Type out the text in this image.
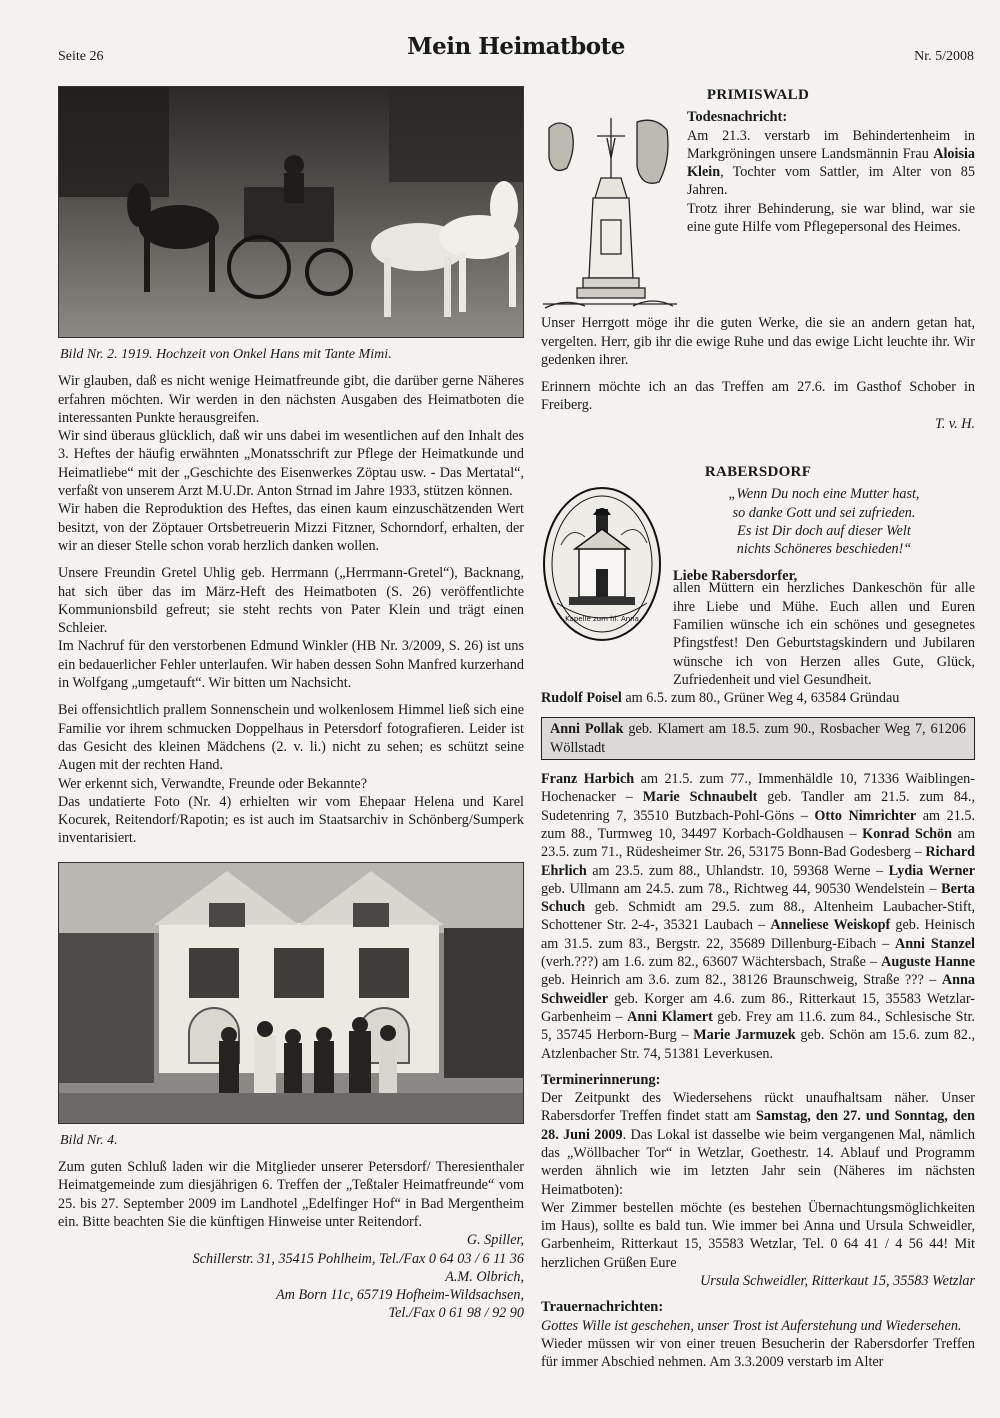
Seite 26	Mein Heimatbote	Nr. 5/2008
Bild Nr. 2. 1919. Hochzeit von Onkel Hans mit Tante Mimi.

Wir glauben, daß es nicht wenige Heimatfreunde gibt, die darüber gerne Näheres erfahren möchten. Wir werden in den nächsten Ausgaben des Heimatboten die interessanten Punkte herausgreifen.

Wir sind überaus glücklich, daß wir uns dabei im wesentlichen auf den Inhalt des 3. Heftes der häufig erwähnten „Monatsschrift zur Pflege der Heimatkunde und Heimatliebe“ mit der „Geschichte des Eisenwerkes Zöptau usw. - Das Mertatal“, verfaßt von unserem Arzt M.U.Dr. Anton Strnad im Jahre 1933, stützen können.

Wir haben die Reproduktion des Heftes, das einen kaum einzuschätzenden Wert besitzt, von der Zöptauer Ortsbetreuerin Mizzi Fitzner, Schorndorf, erhalten, der wir an dieser Stelle schon vorab herzlich danken wollen.

Unsere Freundin Gretel Uhlig geb. Herrmann („Herrmann-Gretel“), Backnang, hat sich über das im März-Heft des Heimatboten (S. 26) veröffentlichte Kommunionsbild gefreut; sie steht rechts von Pater Klein und trägt einen Schleier.

Im Nachruf für den verstorbenen Edmund Winkler (HB Nr. 3/2009, S. 26) ist uns ein bedauerlicher Fehler unterlaufen. Wir haben dessen Sohn Manfred kurzerhand in Wolfgang „umgetauft“. Wir bitten um Nachsicht.

Bei offensichtlich prallem Sonnenschein und wolkenlosem Himmel ließ sich eine Familie vor ihrem schmucken Doppelhaus in Petersdorf fotografieren. Leider ist das Gesicht des kleinen Mädchens (2. v. li.) nicht zu sehen; es schützt seine Augen mit der rechten Hand.

Wer erkennt sich, Verwandte, Freunde oder Bekannte?

Das undatierte Foto (Nr. 4) erhielten wir vom Ehepaar Helena und Karel Kocurek, Reitendorf/Rapotin; es ist auch im Staatsarchiv in Schönberg/Sumperk inventarisiert.

Bild Nr. 4.

Zum guten Schluß laden wir die Mitglieder unserer Petersdorf/ Theresienthaler Heimatgemeinde zum diesjährigen 6. Treffen der „Teßtaler Heimatfreunde“ vom 25. bis 27. September 2009 im Landhotel „Edelfinger Hof“ in Bad Mergentheim ein. Bitte beachten Sie die künftigen Hinweise unter Reitendorf.

G. Spiller,

Schillerstr. 31, 35415 Pohlheim, Tel./Fax 0 64 03 / 6 11 36

A.M. Olbrich,

Am Born 11c, 65719 Hofheim-Wildsachsen,

Tel./Fax 0 61 98 / 92 90

PRIMISWALD
Todesnachricht:

Am 21.3. verstarb im Behindertenheim in Markgröningen unsere Landsmännin Frau Aloisia Klein, Tochter vom Sattler, im Alter von 85 Jahren.

Trotz ihrer Behinderung, sie war blind, war sie eine gute Hilfe vom Pflegepersonal des Heimes.

Unser Herrgott möge ihr die guten Werke, die sie an andern getan hat, vergelten. Herr, gib ihr die ewige Ruhe und das ewige Licht leuchte ihr. Wir gedenken ihrer.

Erinnern möchte ich an das Treffen am 27.6. im Gasthof Schober in Freiberg.

T. v. H.

RABERSDORF
Kapelle zum hl. Anna

„Wenn Du noch eine Mutter hast,

so danke Gott und sei zufrieden.

Es ist Dir doch auf dieser Welt

nichts Schöneres beschieden!“

Liebe Rabersdorfer,

allen Müttern ein herzliches Dankeschön für alle ihre Liebe und Mühe. Euch allen und Euren Familien wünsche ich ein schönes und gesegnetes Pfingstfest! Den Geburtstagskindern und Jubilaren wünsche ich von Herzen alles Gute, Glück, Zufriedenheit und viel Gesundheit.

Rudolf Poisel am 6.5. zum 80., Grüner Weg 4, 63584 Gründau

Anni Pollak geb. Klamert am 18.5. zum 90., Rosbacher Weg 7, 61206 Wöllstadt

Franz Harbich am 21.5. zum 77., Immenhäldle 10, 71336 Waiblingen-Hochenacker – Marie Schnaubelt geb. Tandler am 21.5. zum 84., Sudetenring 7, 35510 Butzbach-Pohl-Göns – Otto Nimrichter am 21.5. zum 88., Turmweg 10, 34497 Korbach-Goldhausen – Konrad Schön am 23.5. zum 71., Rüdesheimer Str. 26, 53175 Bonn-Bad Godesberg – Richard Ehrlich am 23.5. zum 88., Uhlandstr. 10, 59368 Werne – Lydia Werner geb. Ullmann am 24.5. zum 78., Richtweg 44, 90530 Wendelstein – Berta Schuch geb. Schmidt am 29.5. zum 88., Altenheim Laubacher-Stift, Schottener Str. 2-4-, 35321 Laubach – Anneliese Weiskopf geb. Heinisch am 31.5. zum 83., Bergstr. 22, 35689 Dillenburg-Eibach – Anni Stanzel (verh.???) am 1.6. zum 82., 63607 Wächtersbach, Straße – Auguste Hanne geb. Heinrich am 3.6. zum 82., 38126 Braunschweig, Straße ??? – Anna Schweidler geb. Korger am 4.6. zum 86., Ritterkaut 15, 35583 Wetzlar-Garbenheim – Anni Klamert geb. Frey am 11.6. zum 84., Schlesische Str. 5, 35745 Herborn-Burg – Marie Jarmuzek geb. Schön am 15.6. zum 82., Atzlenbacher Str. 74, 51381 Leverkusen.

Terminerinnerung:

Der Zeitpunkt des Wiedersehens rückt unaufhaltsam näher. Unser Rabersdorfer Treffen findet statt am Samstag, den 27. und Sonntag, den 28. Juni 2009. Das Lokal ist dasselbe wie beim vergangenen Mal, nämlich das „Wöllbacher Tor“ in Wetzlar, Goethestr. 14. Ablauf und Programm werden ähnlich wie im letzten Jahr sein (Näheres im nächsten Heimatboten):

Wer Zimmer bestellen möchte (es bestehen Übernachtungsmöglichkeiten im Haus), sollte es bald tun. Wie immer bei Anna und Ursula Schweidler, Garbenheim, Ritterkaut 15, 35583 Wetzlar, Tel. 0 64 41 / 4 56 44! Mit herzlichen Grüßen Eure

Ursula Schweidler, Ritterkaut 15, 35583 Wetzlar

Trauernachrichten:

Gottes Wille ist geschehen, unser Trost ist Auferstehung und Wiedersehen.

Wieder müssen wir von einer treuen Besucherin der Rabersdorfer Treffen für immer Abschied nehmen. Am 3.3.2009 verstarb im Alter
